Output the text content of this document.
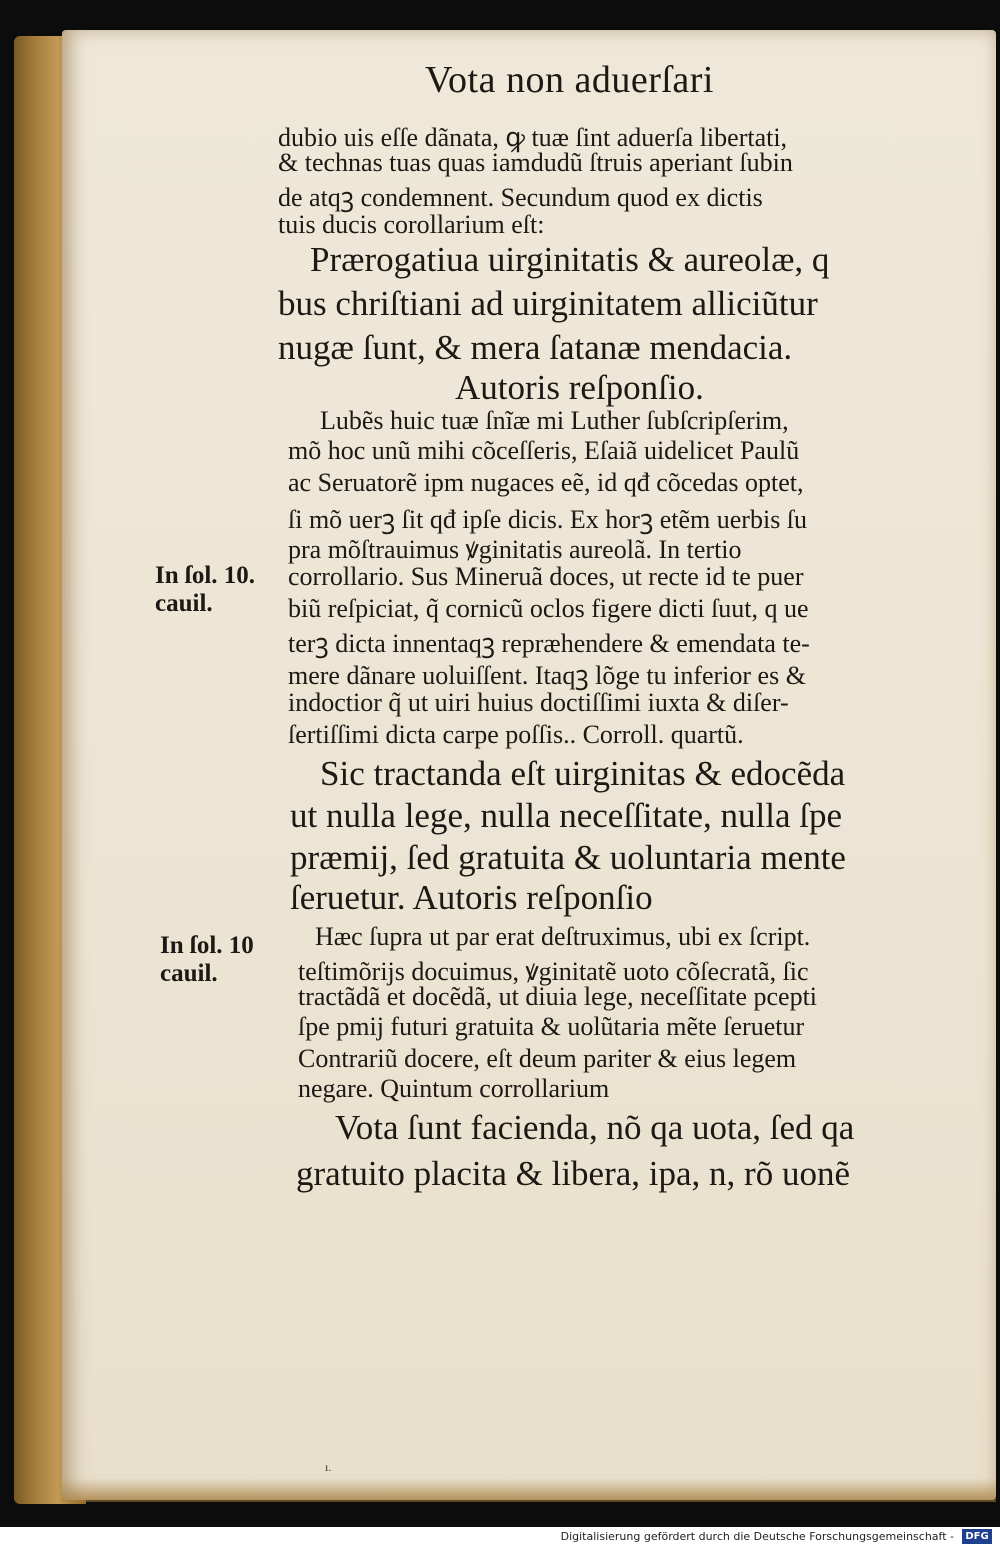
Vota non aduerſari
dubio uis eſſe dãnata, ꝙ tuæ ſint aduerſa libertati,
& technas tuas quas iamdudũ ſtruis aperiant ſubin
de atqꝫ condemnent. Secundum quod ex dictis
tuis ducis corollarium eſt:
Prærogatiua uirginitatis & aureolæ, q
bus chriſtiani ad uirginitatem alliciũtur
nugæ ſunt, & mera ſatanæ mendacia.
Autoris reſponſio.
Lubẽs huic tuæ ſnĩæ mi Luther ſubſcripſerim,
mõ hoc unũ mihi cõceſſeris, Eſaiã uidelicet Paulũ
ac Seruatorẽ ipm nugaces eẽ, id qđ cõcedas optet,
ſi mõ uerꝫ ſit qđ ipſe dicis. Ex horꝫ etẽm uerbis ſu
pra mõſtrauimus ꝟginitatis aureolã. In tertio
corrollario. Sus Mineruã doces, ut recte id te puer
biũ reſpiciat, q̃ cornicũ oclos figere dicti ſuut, q ue
terꝫ dicta innentaqꝫ repræhendere & emendata te-
mere dãnare uoluiſſent. Itaqꝫ lõge tu inferior es &
indoctior q̃ ut uiri huius doctiſſimi iuxta & diſer-
ſertiſſimi dicta carpe poſſis.. Corroll. quartũ.
Sic tractanda eſt uirginitas & edocẽda
ut nulla lege, nulla neceſſitate, nulla ſpe
præmij, ſed gratuita & uoluntaria mente
ſeruetur. Autoris reſponſio
Hæc ſupra ut par erat deſtruximus, ubi ex ſcript.
teſtimõrijs docuimus, ꝟginitatẽ uoto cõſecratã, ſic
tractãdã et docẽdã, ut diuia lege, neceſſitate pcepti
ſpe pmij futuri gratuita & uolũtaria mẽte ſeruetur
Contrariũ docere, eſt deum pariter & eius legem
negare. Quintum corrollarium
Vota ſunt facienda, nõ qa uota, ſed qa
gratuito placita & libera, ipa, n, rõ uonẽ
In ſol. 10.
cauil.
In ſol. 10
cauil.
ı.
Digitalisierung gefördert durch die Deutsche Forschungsgemeinschaft -	DFG
